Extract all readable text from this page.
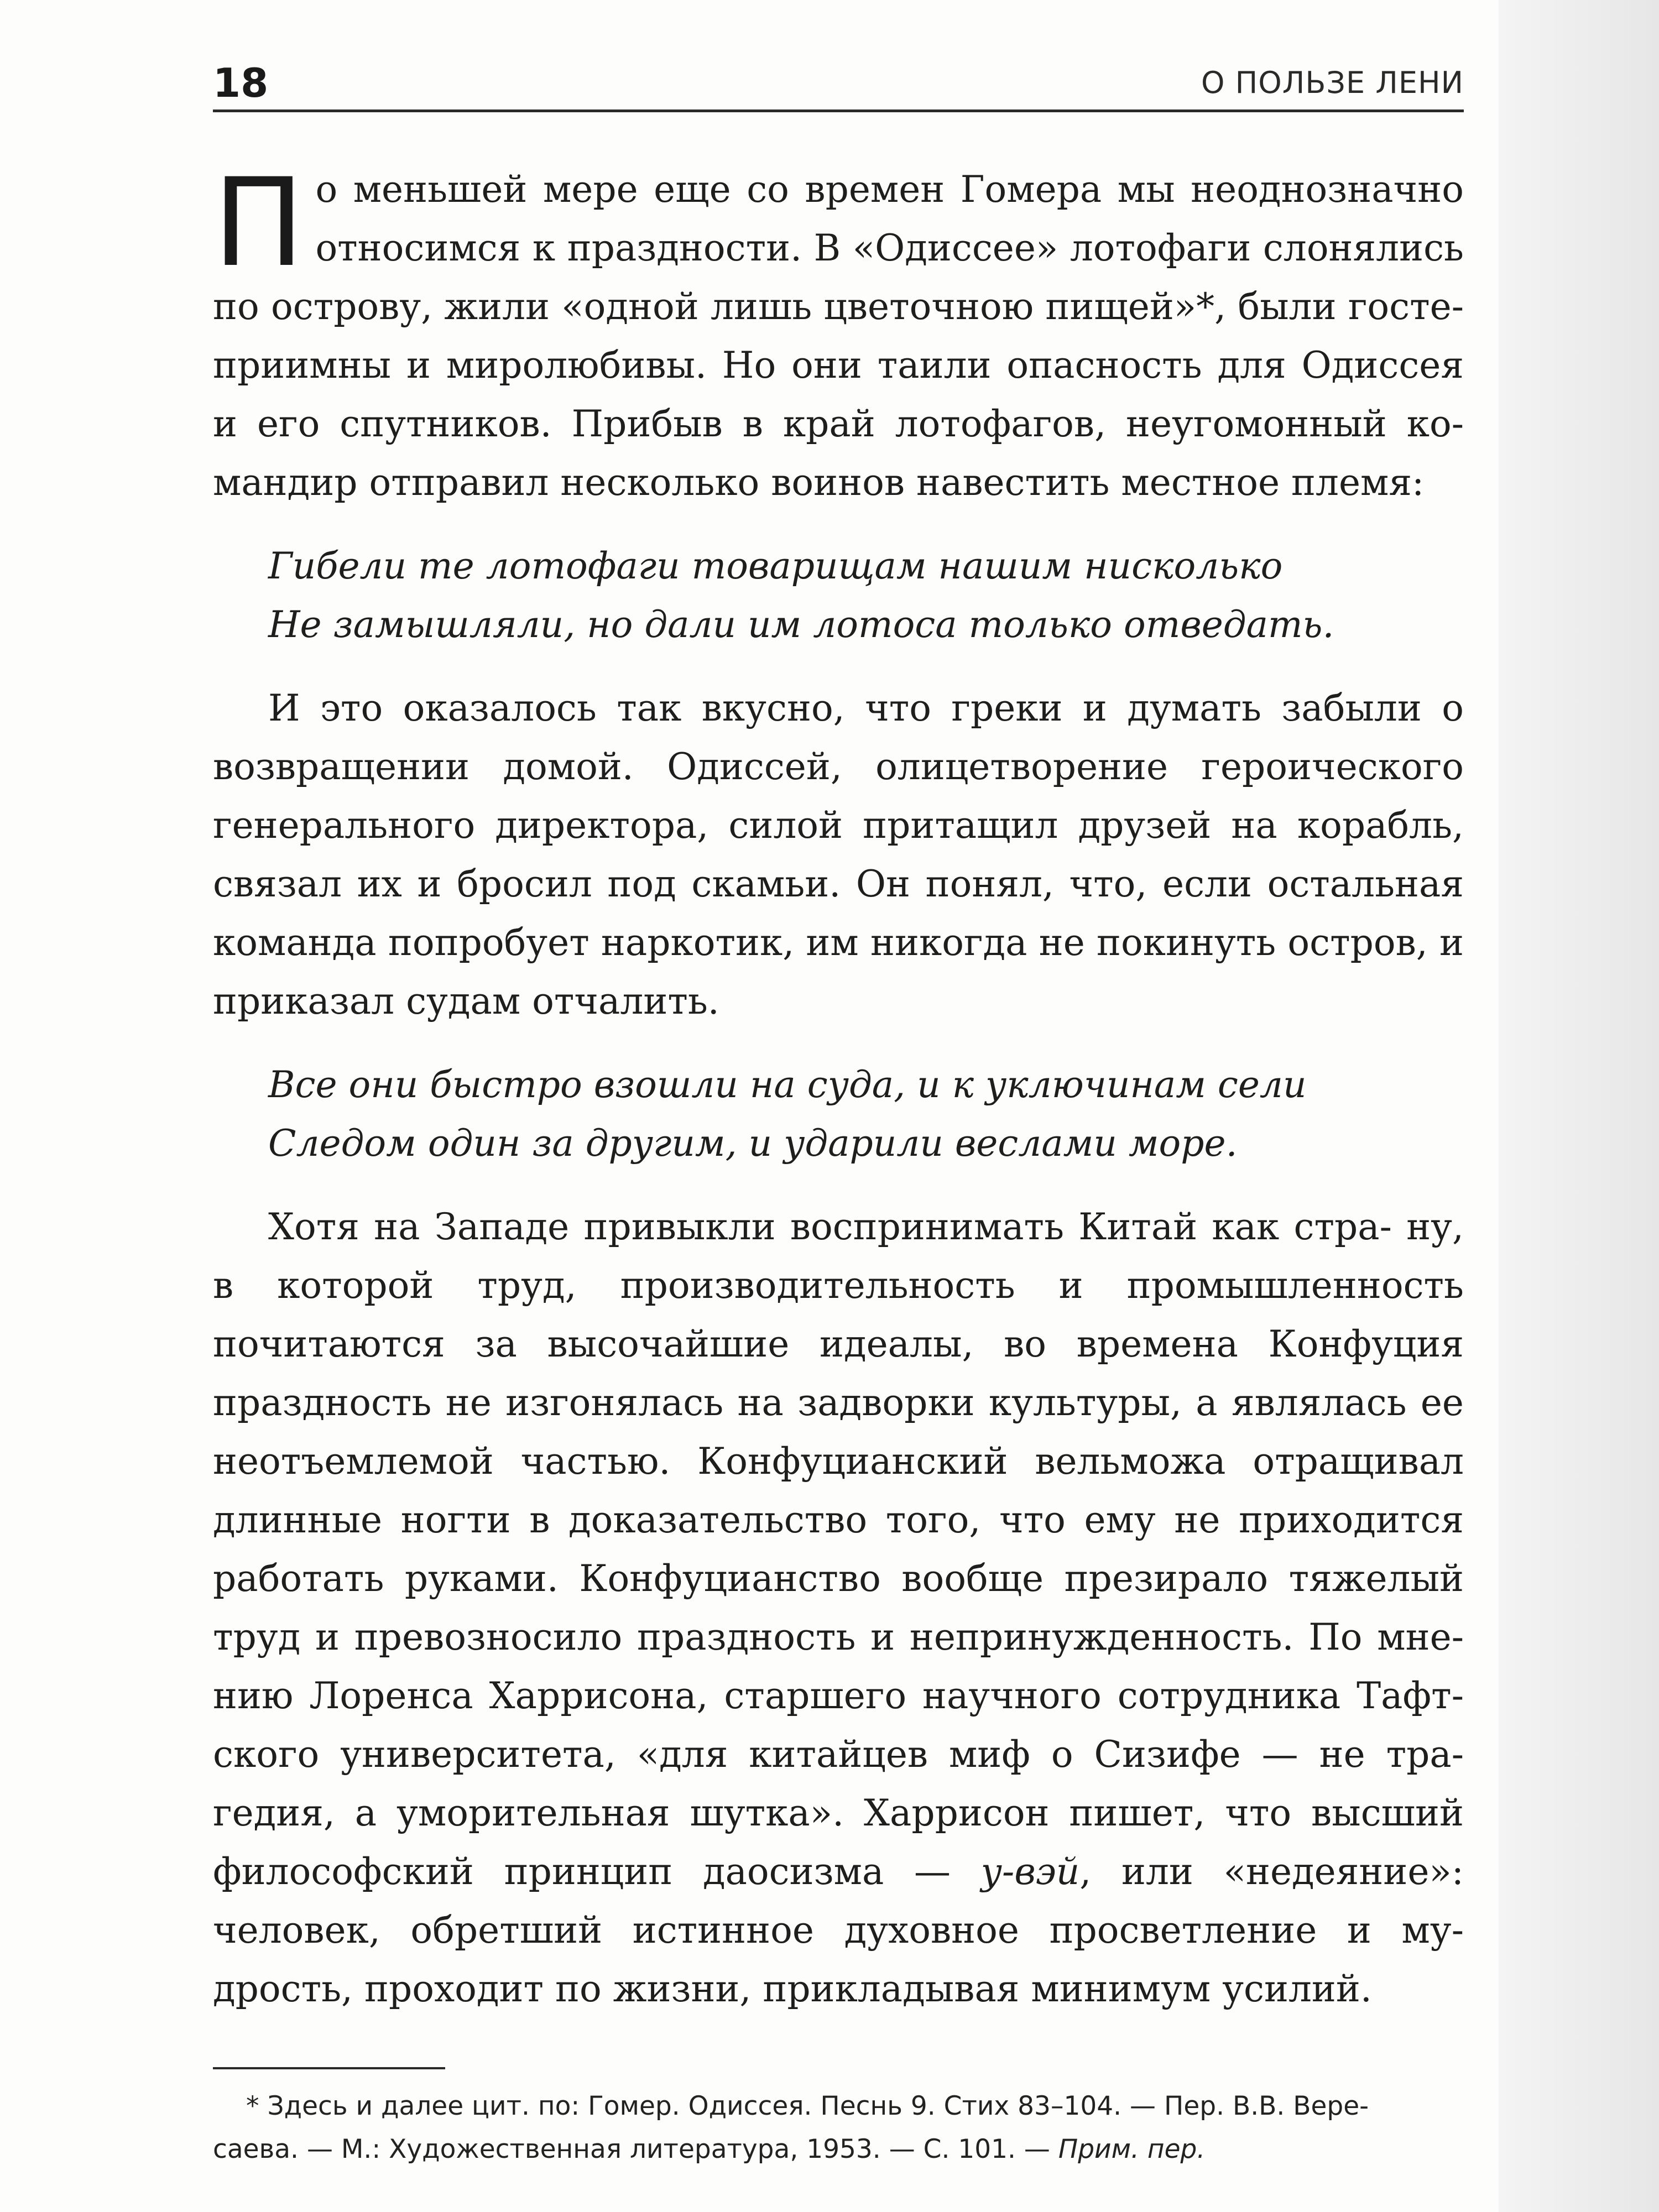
18	О ПОЛЬЗЕ ЛЕНИ

П о меньшей мере еще со времен Гомера мы неоднозначно относимся к праздности. В «Одиссее» лотофаги слонялись по острову, жили «одной лишь цветочною пищей»*, были госте- приимны и миролюбивы. Но они таили опасность для Одиссея и его спутников. Прибыв в край лотофагов, неугомонный ко- мандир отправил несколько воинов навестить местное племя:

Гибели те лотофаги товарищам нашим нисколько
Не замышляли, но дали им лотоса только отведать.

И это оказалось так вкусно, что греки и думать забыли о возвращении домой. Одиссей, олицетворение героического генерального директора, силой притащил друзей на корабль, связал их и бросил под скамьи. Он понял, что, если остальная команда попробует наркотик, им никогда не покинуть остров, и приказал судам отчалить.

Все они быстро взошли на суда, и к уключинам сели
Следом один за другим, и ударили веслами море.

Хотя на Западе привыкли воспринимать Китай как стра- ну, в которой труд, производительность и промышленность почитаются за высочайшие идеалы, во времена Конфуция праздность не изгонялась на задворки культуры, а являлась ее неотъемлемой частью. Конфуцианский вельможа отращивал длинные ногти в доказательство того, что ему не приходится работать руками. Конфуцианство вообще презирало тяжелый труд и превозносило праздность и непринужденность. По мне- нию Лоренса Харрисона, старшего научного сотрудника Тафт- ского университета, «для китайцев миф о Сизифе — не тра- гедия, а уморительная шутка». Харрисон пишет, что высший философский принцип даосизма — у-вэй, или «недеяние»: человек, обретший истинное духовное просветление и му- дрость, проходит по жизни, прикладывая минимум усилий.

* Здесь и далее цит. по: Гомер. Одиссея. Песнь 9. Стих 83–104. — Пер. В.В. Вере-
саева. — М.: Художественная литература, 1953. — С. 101. — Прим. пер.
